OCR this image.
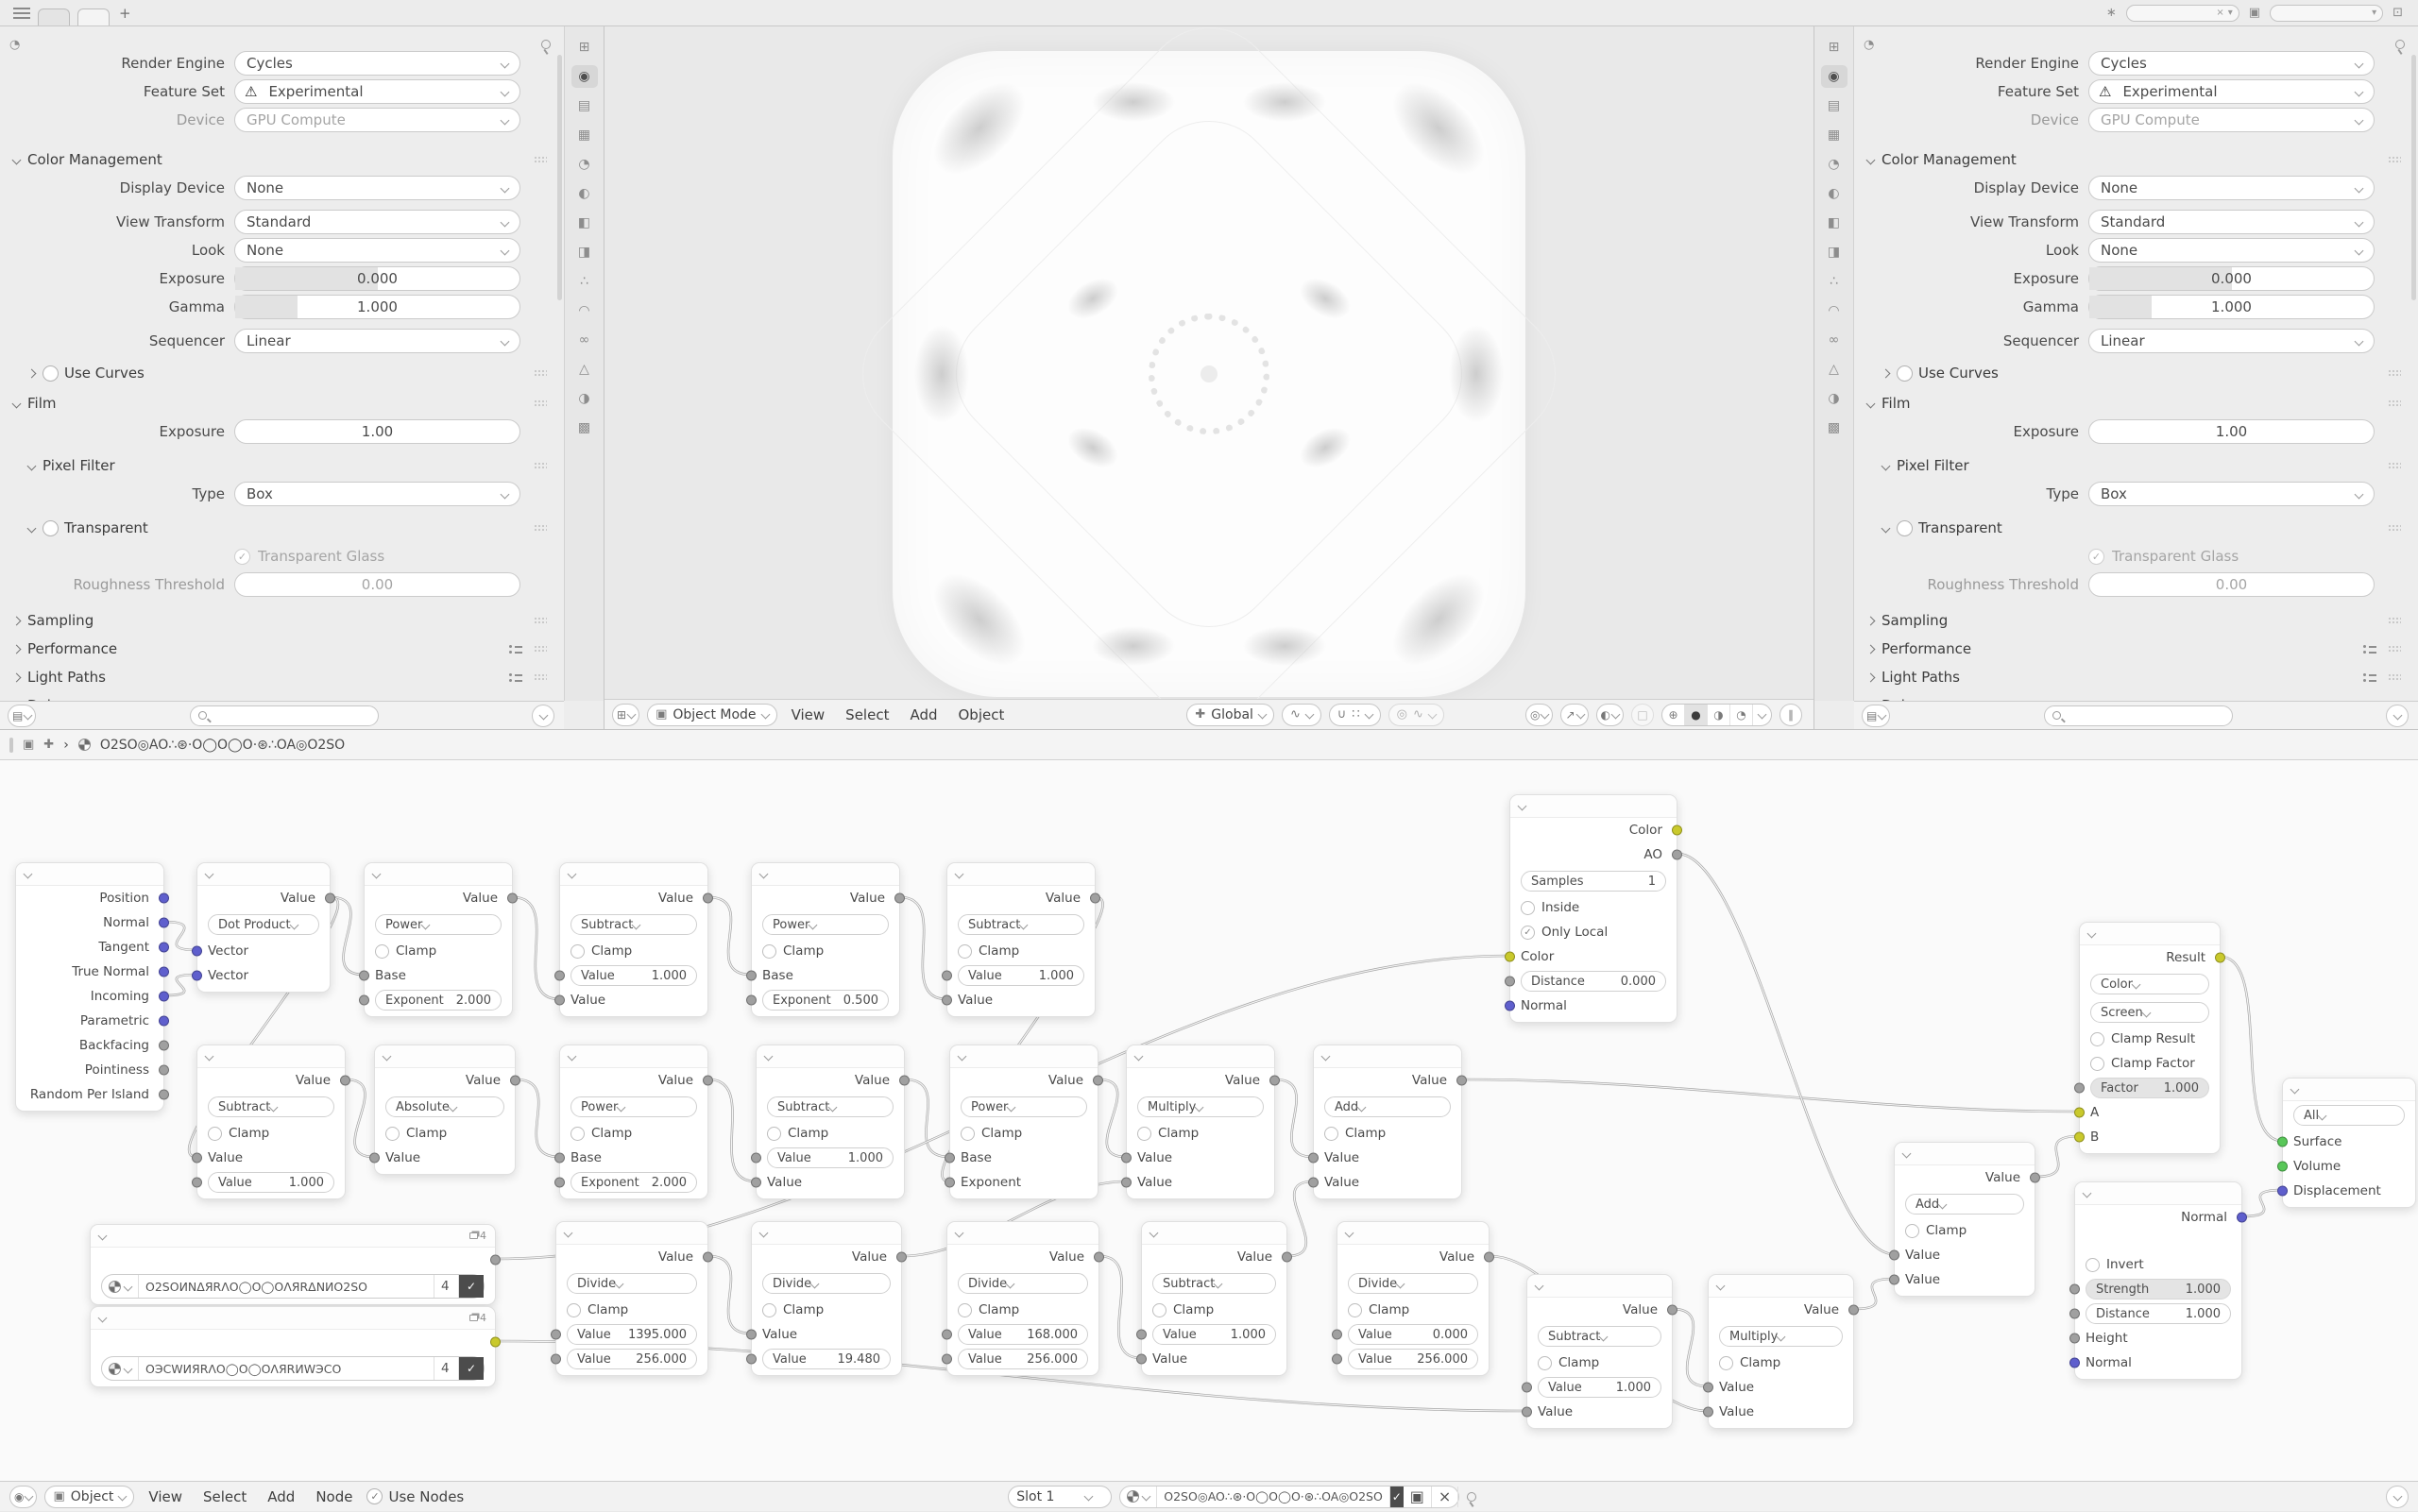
+	∗	× ▾ ▣	▾ ⊡
◔
Render Engine	Cycles
Feature Set	⚠ Experimental
Device	GPU Compute
Color Management
Display Device	None
View Transform	Standard
Look	None
Exposure	0.000
Gamma	1.000
Sequencer	Linear
Use Curves
Film
Exposure	1.00
Pixel Filter
Type	Box
Transparent
✓ Transparent Glass
Roughness Threshold	0.00
Sampling
Performance
Light Paths
⊞
◉
▤
▦
◔
◐
◧
◨
∴
◠
∞
△
◑
▩
▤	⊞ ▣ Object Mode	View	Select	Add	Object	✚ Global	∿	∪ ∷	◎ ∿	◎ ↗ ◐ □	⊕	●	◑	◔	∥
◔
Render Engine	Cycles
Feature Set	⚠ Experimental
Device	GPU Compute
Color Management
Display Device	None
View Transform	Standard
Look	None
Exposure	0.000
Gamma	1.000
Sequencer	Linear
Use Curves
Film
Exposure	1.00
Pixel Filter
Type	Box
Transparent
✓ Transparent Glass
Roughness Threshold	0.00
Sampling
Performance
Light Paths
⊞
◉
▤
▦
◔
◐
◧
◨
∴
◠
∞
△
◑
▩
▤
▣ ✚ › O2SO◎AO∴⊛·O◯O◯O·⊛∴OA◎O2SO
Position
Normal
Tangent
True Normal
Incoming
Parametric
Backfacing
Pointiness
Random Per Island
Value
Dot Product
Vector
Vector
Value
Power
Clamp
Base
Exponent 2.000
Value
Subtract
Clamp
Value	1.000
Value
Value
Power
Clamp
Base
Exponent 0.500
Value
Subtract
Clamp
Value	1.000
Value
Value
Subtract
Clamp
Value
Value	1.000
Value
Absolute
Clamp
Value
Value
Power
Clamp
Base
Exponent 2.000
Value
Subtract
Clamp
Value	1.000
Value
Value
Power
Clamp
Base
Exponent
Value
Multiply
Clamp
Value
Value
Value
Add
Clamp
Value
Value
Color
AO
Samples	1
Inside
✓ Only Local
Color
Distance	0.000
Normal
4
O2SOИNΔЯRΛO◯O◯OΛЯRΔNИO2SO	4	✓
4
OЭCWИЯRΛO◯O◯OΛЯRИWЭCO	4	✓
Value
Divide
Clamp
Value 1395.000
Value 256.000
Value
Divide
Clamp
Value
Value	19.480
Value
Divide
Clamp
Value 168.000
Value 256.000
Value
Subtract
Clamp
Value	1.000
Value
Value
Divide
Clamp
Value	0.000
Value 256.000
Value
Subtract
Clamp
Value	1.000
Value
Value
Multiply
Clamp
Value
Value
Value
Add
Clamp
Value
Value
Result
Color
Screen
Clamp Result
Clamp Factor
Factor 1.000
A
B
Normal
Invert
Strength	1.000
Distance	1.000
Height
Normal
All
Surface
Volume
Displacement
◉ ▣ Object	View	Select	Add	Node	✓ Use Nodes	Slot 1	O2SO◎AO∴⊛·O◯O◯O·⊛∴OA◎O2SO ✓ ▣ ×
